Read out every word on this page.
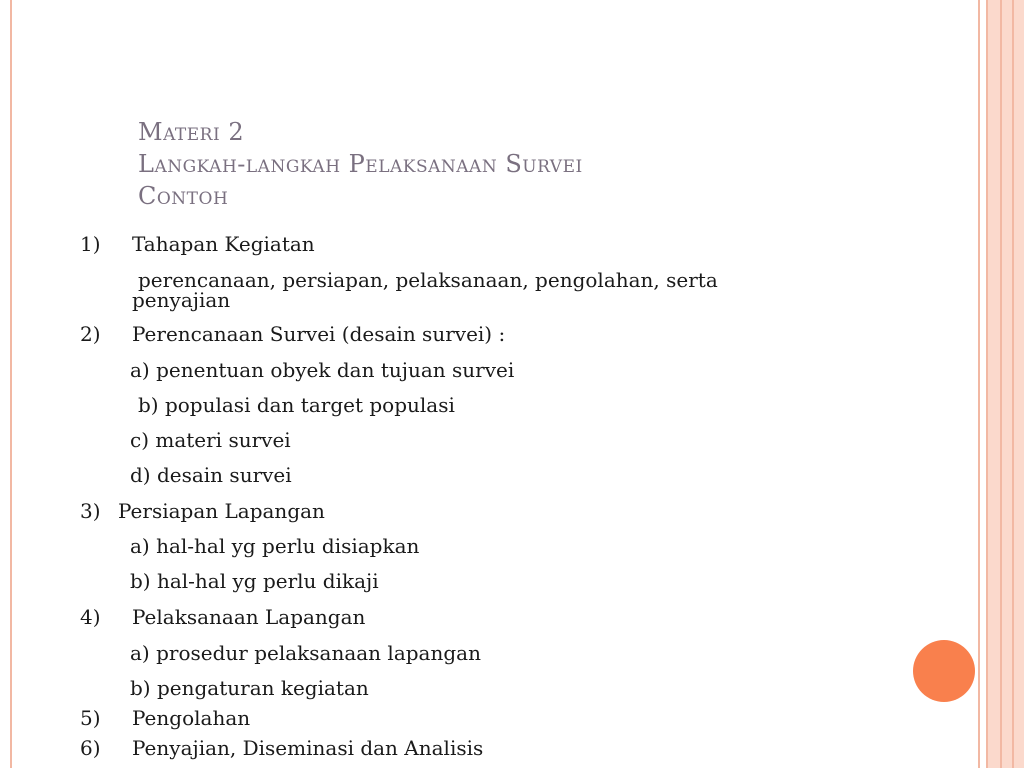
Materi 2
Langkah-langkah Pelaksanaan Survei
Contoh
1) Tahapan Kegiatan
perencanaan, persiapan, pelaksanaan, pengolahan, serta
penyajian
2) Perencanaan Survei (desain survei) :
a) penentuan obyek dan tujuan survei
b) populasi dan target populasi
c) materi survei
d) desain survei
3) Persiapan Lapangan
a) hal-hal yg perlu disiapkan
b) hal-hal yg perlu dikaji
4) Pelaksanaan Lapangan
a) prosedur pelaksanaan lapangan
b) pengaturan kegiatan
5) Pengolahan
6) Penyajian, Diseminasi dan Analisis
